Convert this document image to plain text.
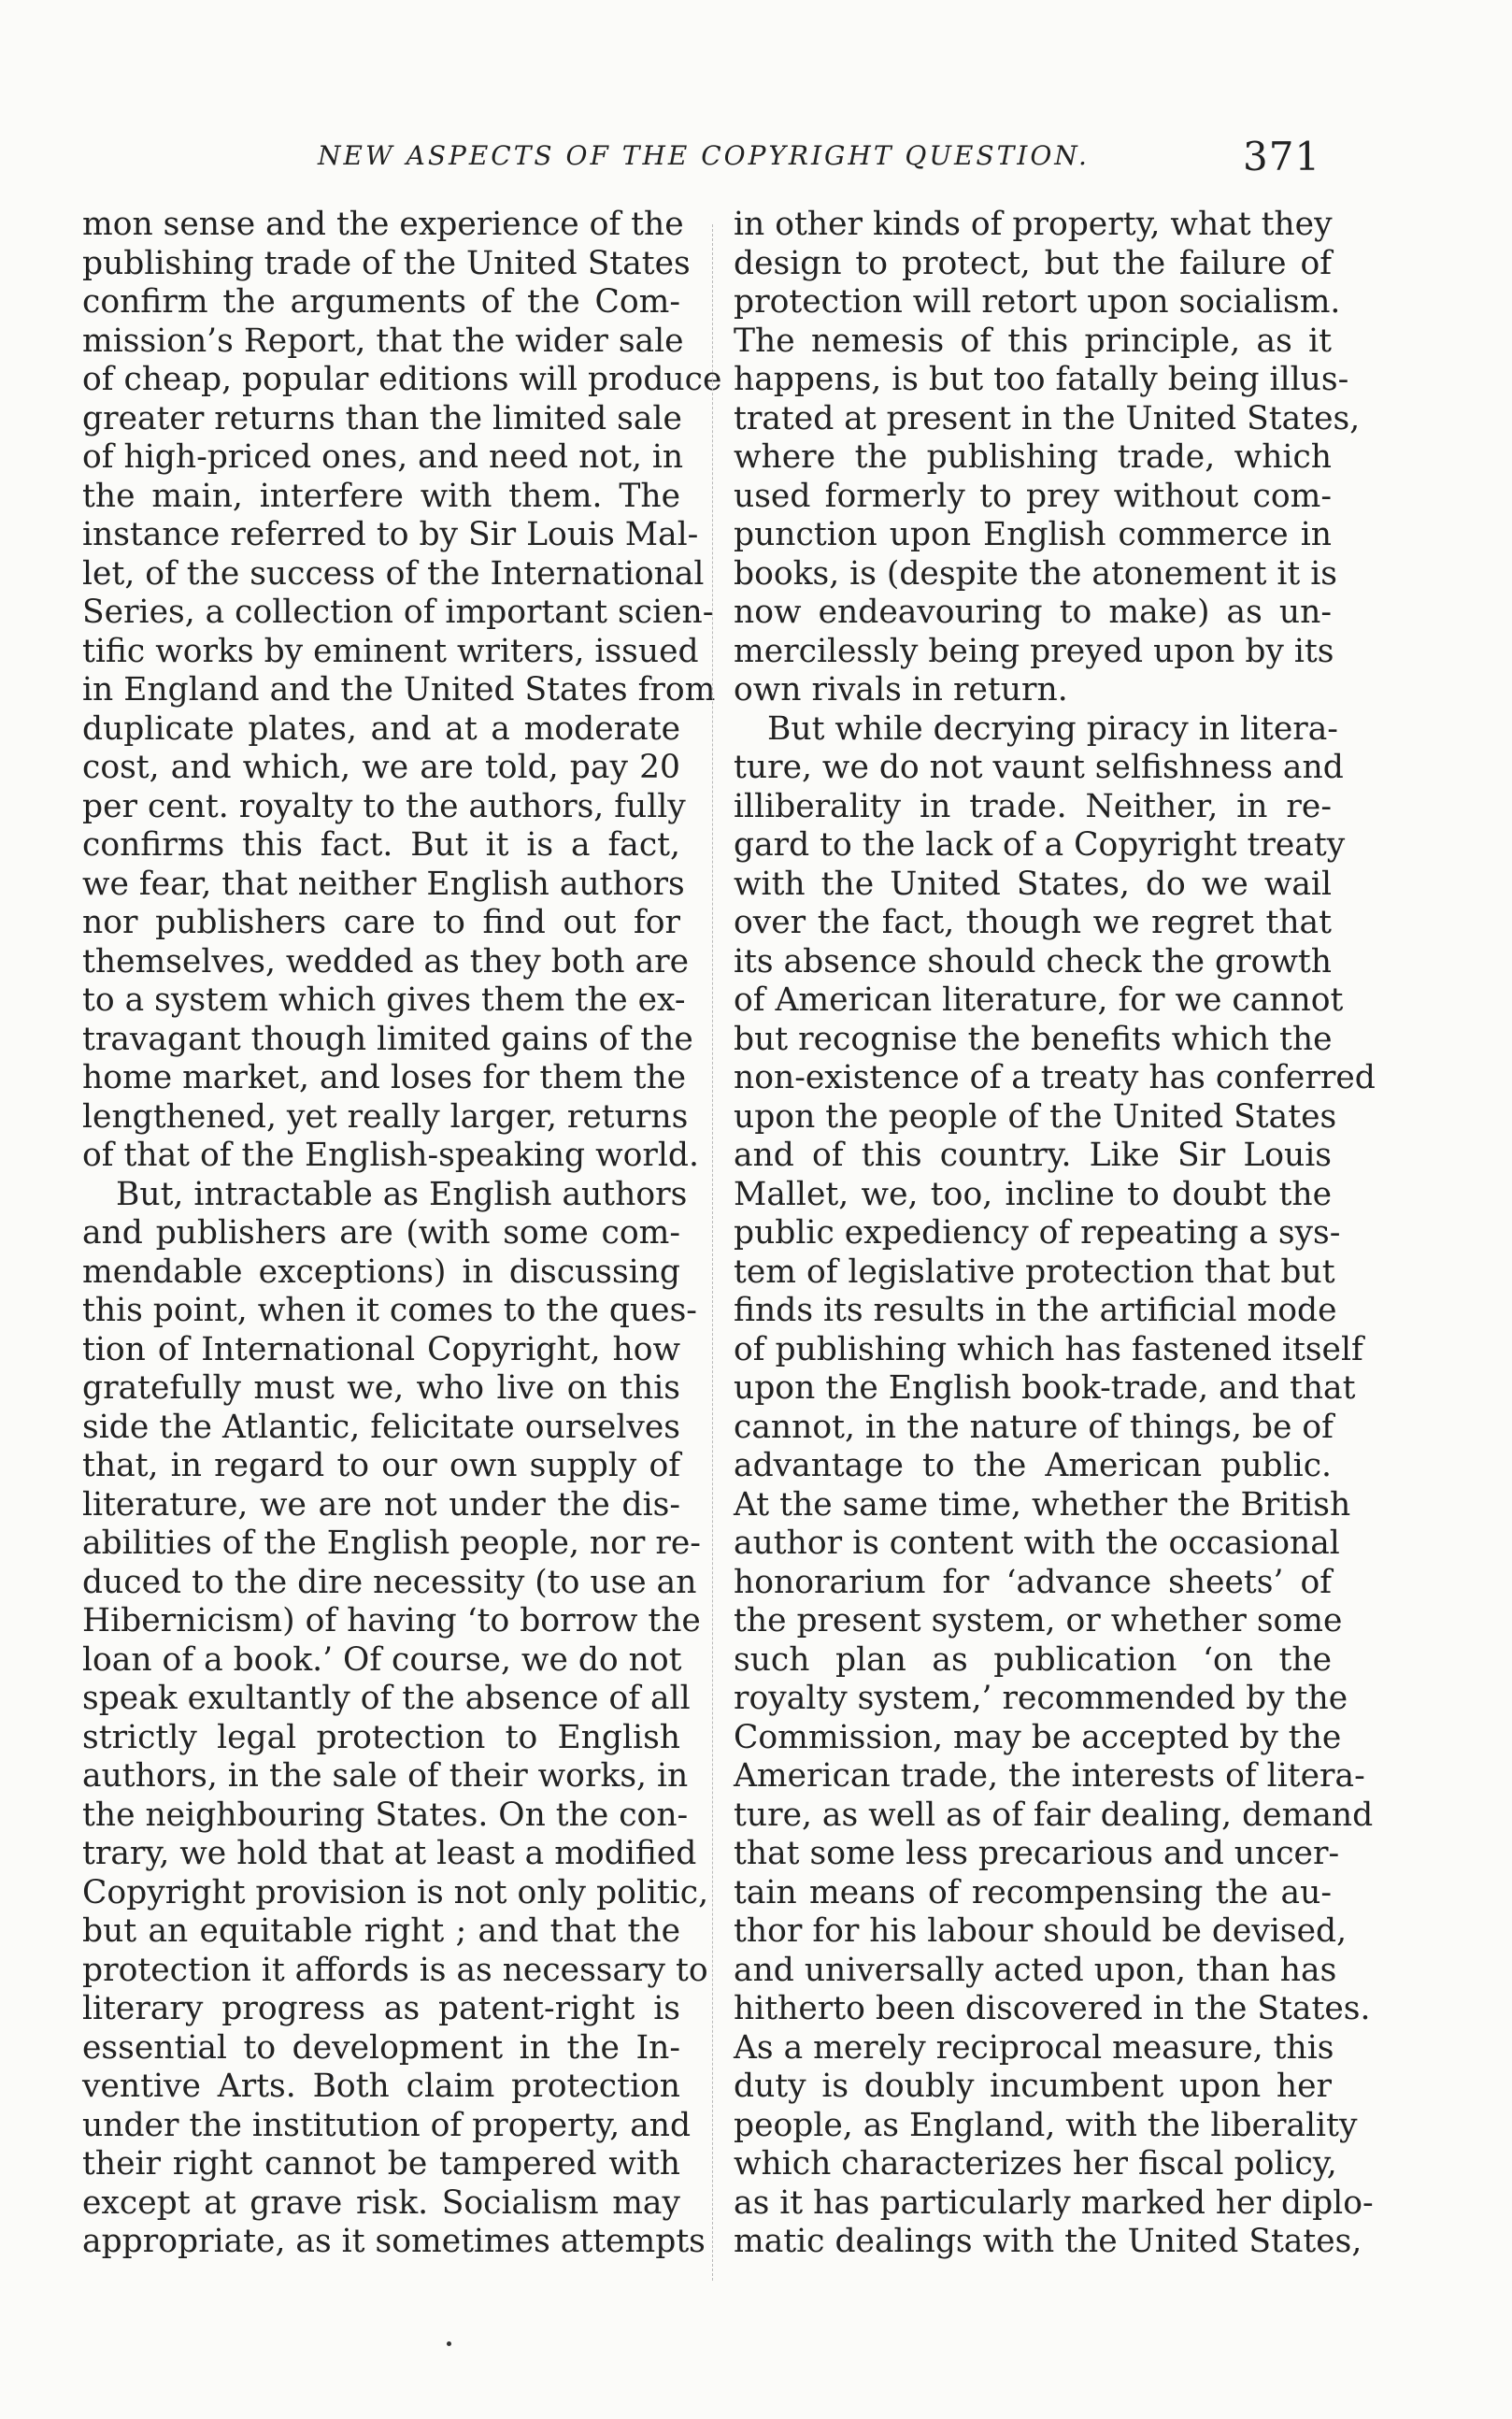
NEW ASPECTS OF THE COPYRIGHT QUESTION.	371
mon sense and the experience of the
publishing trade of the United States
confirm the arguments of the Com-
mission’s Report, that the wider sale
of cheap, popular editions will produce
greater returns than the limited sale
of high-priced ones, and need not, in
the main, interfere with them. The
instance referred to by Sir Louis Mal-
let, of the success of the International
Series, a collection of important scien-
tific works by eminent writers, issued
in England and the United States from
duplicate plates, and at a moderate
cost, and which, we are told, pay 20
per cent. royalty to the authors, fully
confirms this fact. But it is a fact,
we fear, that neither English authors
nor publishers care to find out for
themselves, wedded as they both are
to a system which gives them the ex-
travagant though limited gains of the
home market, and loses for them the
lengthened, yet really larger, returns
of that of the English-speaking world.
But, intractable as English authors
and publishers are (with some com-
mendable exceptions) in discussing
this point, when it comes to the ques-
tion of International Copyright, how
gratefully must we, who live on this
side the Atlantic, felicitate ourselves
that, in regard to our own supply of
literature, we are not under the dis-
abilities of the English people, nor re-
duced to the dire necessity (to use an
Hibernicism) of having ‘to borrow the
loan of a book.’ Of course, we do not
speak exultantly of the absence of all
strictly legal protection to English
authors, in the sale of their works, in
the neighbouring States. On the con-
trary, we hold that at least a modified
Copyright provision is not only politic,
but an equitable right ; and that the
protection it affords is as necessary to
literary progress as patent-right is
essential to development in the In-
ventive Arts. Both claim protection
under the institution of property, and
their right cannot be tampered with
except at grave risk. Socialism may
appropriate, as it sometimes attempts
in other kinds of property, what they
design to protect, but the failure of
protection will retort upon socialism.
The nemesis of this principle, as it
happens, is but too fatally being illus-
trated at present in the United States,
where the publishing trade, which
used formerly to prey without com-
punction upon English commerce in
books, is (despite the atonement it is
now endeavouring to make) as un-
mercilessly being preyed upon by its
own rivals in return.
But while decrying piracy in litera-
ture, we do not vaunt selfishness and
illiberality in trade. Neither, in re-
gard to the lack of a Copyright treaty
with the United States, do we wail
over the fact, though we regret that
its absence should check the growth
of American literature, for we cannot
but recognise the benefits which the
non-existence of a treaty has conferred
upon the people of the United States
and of this country. Like Sir Louis
Mallet, we, too, incline to doubt the
public expediency of repeating a sys-
tem of legislative protection that but
finds its results in the artificial mode
of publishing which has fastened itself
upon the English book-trade, and that
cannot, in the nature of things, be of
advantage to the American public.
At the same time, whether the British
author is content with the occasional
honorarium for ‘advance sheets’ of
the present system, or whether some
such plan as publication ‘on the
royalty system,’ recommended by the
Commission, may be accepted by the
American trade, the interests of litera-
ture, as well as of fair dealing, demand
that some less precarious and uncer-
tain means of recompensing the au-
thor for his labour should be devised,
and universally acted upon, than has
hitherto been discovered in the States.
As a merely reciprocal measure, this
duty is doubly incumbent upon her
people, as England, with the liberality
which characterizes her fiscal policy,
as it has particularly marked her diplo-
matic dealings with the United States,
